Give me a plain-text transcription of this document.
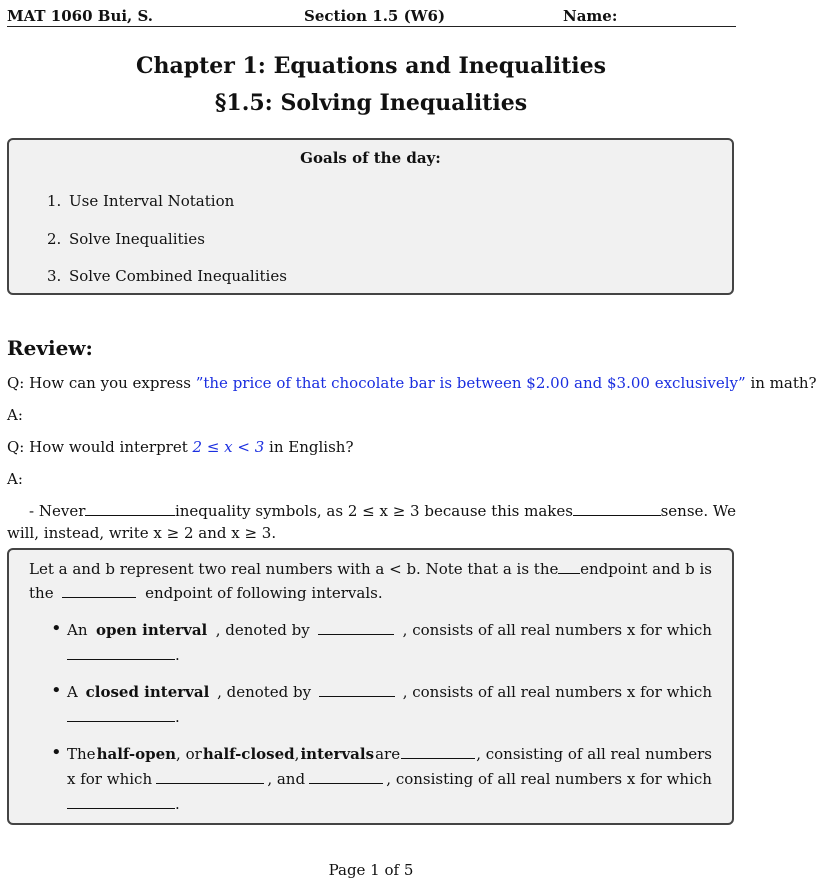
MAT 1060 Bui, S.	Section 1.5 (W6)	Name:
Chapter 1: Equations and Inequalities
§1.5: Solving Inequalities
Goals of the day:
1. Use Interval Notation
2. Solve Inequalities
3. Solve Combined Inequalities
Review:
Q: How can you express ”the price of that chocolate bar is between $2.00 and $3.00 exclusively” in math?
A:
Q: How would interpret 2 ≤ x < 3 in English?
A:
- Never	inequality symbols, as 2 ≤ x ≥ 3 because this makes	sense. We
will, instead, write x ≥ 2 and x ≥ 3.
Let a and b represent two real numbers with a < b. Note that a is the endpoint and b is
the	endpoint of following intervals.
• An open interval , denoted by	, consists of all real numbers x for which
.
• A closed interval , denoted by	, consists of all real numbers x for which
.
• The half-open, or half-closed, intervals are	, consisting of all real numbers
x for which	, and	, consisting of all real numbers x for which
.
Page 1 of 5
